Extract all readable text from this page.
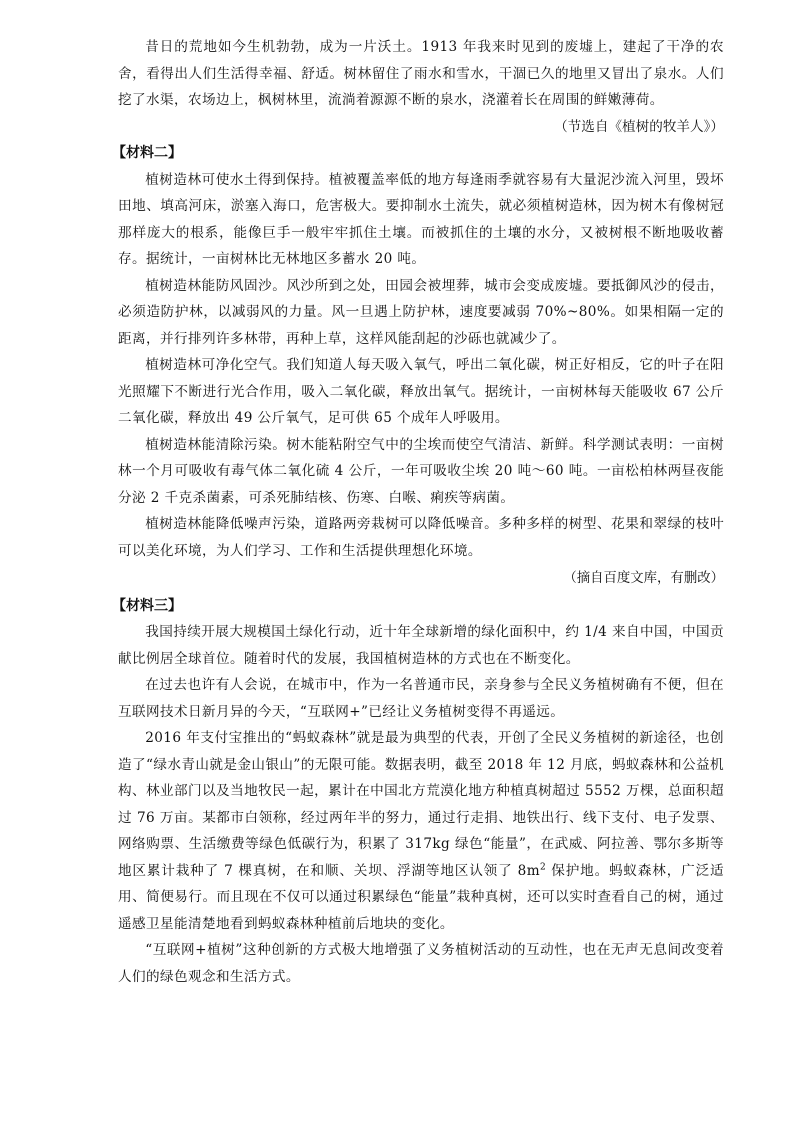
昔日的荒地如今生机勃勃，成为一片沃土。1913 年我来时见到的废墟上，建起了干净的农舍，看得出人们生活得幸福、舒适。树林留住了雨水和雪水，干涸已久的地里又冒出了泉水。人们挖了水渠，农场边上，枫树林里，流淌着源源不断的泉水，浇灌着长在周围的鲜嫩薄荷。

（节选自《植树的牧羊人》）

【材料二】

植树造林可使水土得到保持。植被覆盖率低的地方每逢雨季就容易有大量泥沙流入河里，毁坏田地、填高河床，淤塞入海口，危害极大。要抑制水土流失，就必须植树造林，因为树木有像树冠那样庞大的根系，能像巨手一般牢牢抓住土壤。而被抓住的土壤的水分，又被树根不断地吸收蓄存。据统计，一亩树林比无林地区多蓄水 20 吨。

植树造林能防风固沙。风沙所到之处，田园会被埋葬，城市会变成废墟。要抵御风沙的侵击，必须造防护林，以减弱风的力量。风一旦遇上防护林，速度要减弱 70%~80%。如果相隔一定的距离，并行排列许多林带，再种上草，这样风能刮起的沙砾也就减少了。

植树造林可净化空气。我们知道人每天吸入氧气，呼出二氧化碳，树正好相反，它的叶子在阳光照耀下不断进行光合作用，吸入二氧化碳，释放出氧气。据统计，一亩树林每天能吸收 67 公斤二氧化碳，释放出 49 公斤氧气，足可供 65 个成年人呼吸用。

植树造林能清除污染。树木能粘附空气中的尘埃而使空气清洁、新鲜。科学测试表明：一亩树林一个月可吸收有毒气体二氧化硫 4 公斤，一年可吸收尘埃 20 吨～60 吨。一亩松柏林两昼夜能分泌 2 千克杀菌素，可杀死肺结核、伤寒、白喉、痢疾等病菌。

植树造林能降低噪声污染，道路两旁栽树可以降低噪音。多种多样的树型、花果和翠绿的枝叶可以美化环境，为人们学习、工作和生活提供理想化环境。

（摘自百度文库，有删改）

【材料三】

我国持续开展大规模国土绿化行动，近十年全球新增的绿化面积中，约 1/4 来自中国，中国贡献比例居全球首位。随着时代的发展，我国植树造林的方式也在不断变化。

在过去也许有人会说，在城市中，作为一名普通市民，亲身参与全民义务植树确有不便，但在互联网技术日新月异的今天，“互联网+”已经让义务植树变得不再遥远。

2016 年支付宝推出的“蚂蚁森林”就是最为典型的代表，开创了全民义务植树的新途径，也创造了“绿水青山就是金山银山”的无限可能。数据表明，截至 2018 年 12 月底，蚂蚁森林和公益机构、林业部门以及当地牧民一起，累计在中国北方荒漠化地方种植真树超过 5552 万棵，总面积超过 76 万亩。某都市白领称，经过两年半的努力，通过行走捐、地铁出行、线下支付、电子发票、网络购票、生活缴费等绿色低碳行为，积累了 317kg 绿色“能量”，在武威、阿拉善、鄂尔多斯等地区累计栽种了 7 棵真树，在和顺、关坝、浮湖等地区认领了 $8m^2$ 保护地。蚂蚁森林，广泛适用、简便易行。而且现在不仅可以通过积累绿色“能量”栽种真树，还可以实时查看自己的树，通过遥感卫星能清楚地看到蚂蚁森林种植前后地块的变化。

“互联网+植树”这种创新的方式极大地增强了义务植树活动的互动性，也在无声无息间改变着人们的绿色观念和生活方式。
